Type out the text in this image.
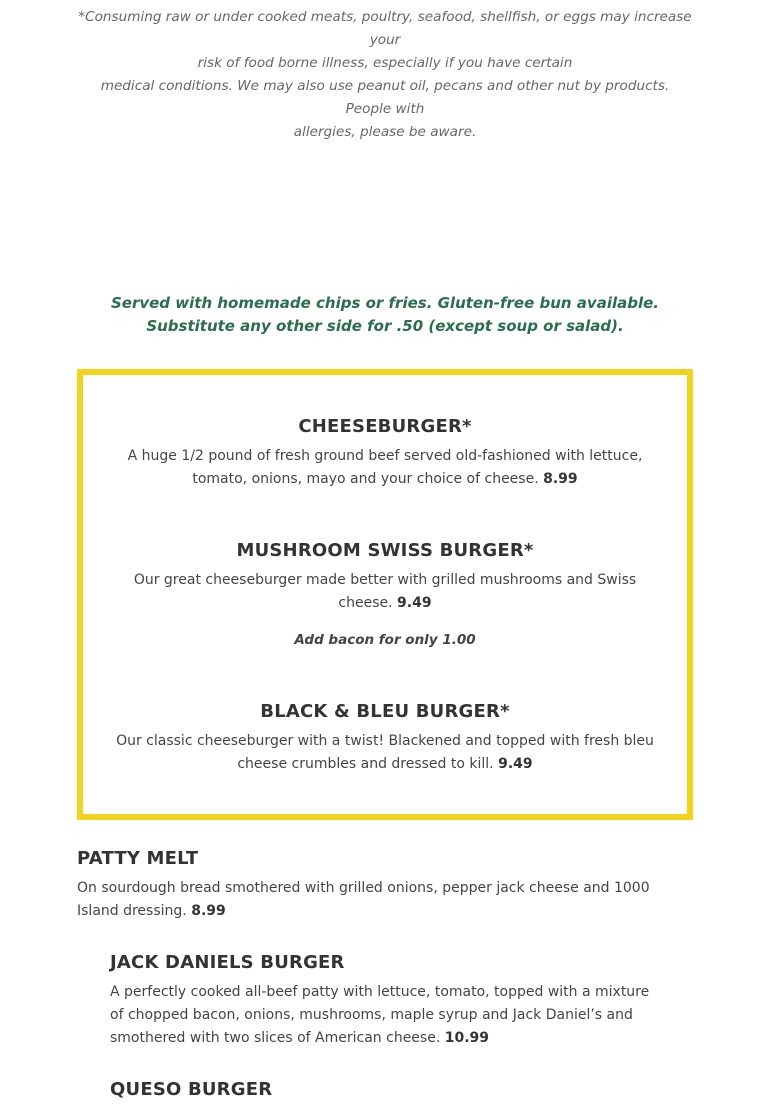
*Consuming raw or under cooked meats, poultry, seafood, shellfish, or eggs may increase your
risk of food borne illness, especially if you have certain
medical conditions. We may also use peanut oil, pecans and other nut by products. People with
allergies, please be aware.
Served with homemade chips or fries. Gluten-free bun available.
Substitute any other side for .50 (except soup or salad).
CHEESEBURGER*

A huge 1/2 pound of fresh ground beef served old-fashioned with lettuce, tomato, onions, mayo and your choice of cheese. 8.99

MUSHROOM SWISS BURGER*

Our great cheeseburger made better with grilled mushrooms and Swiss cheese. 9.49

Add bacon for only 1.00

BLACK & BLEU BURGER*

Our classic cheeseburger with a twist! Blackened and topped with fresh bleu cheese crumbles and dressed to kill. 9.49

PATTY MELT

On sourdough bread smothered with grilled onions, pepper jack cheese and 1000 Island dressing. 8.99

JACK DANIELS BURGER

A perfectly cooked all-beef patty with lettuce, tomato, topped with a mixture of chopped bacon, onions, mushrooms, maple syrup and Jack Daniel’s and smothered with two slices of American cheese. 10.99

QUESO BURGER
